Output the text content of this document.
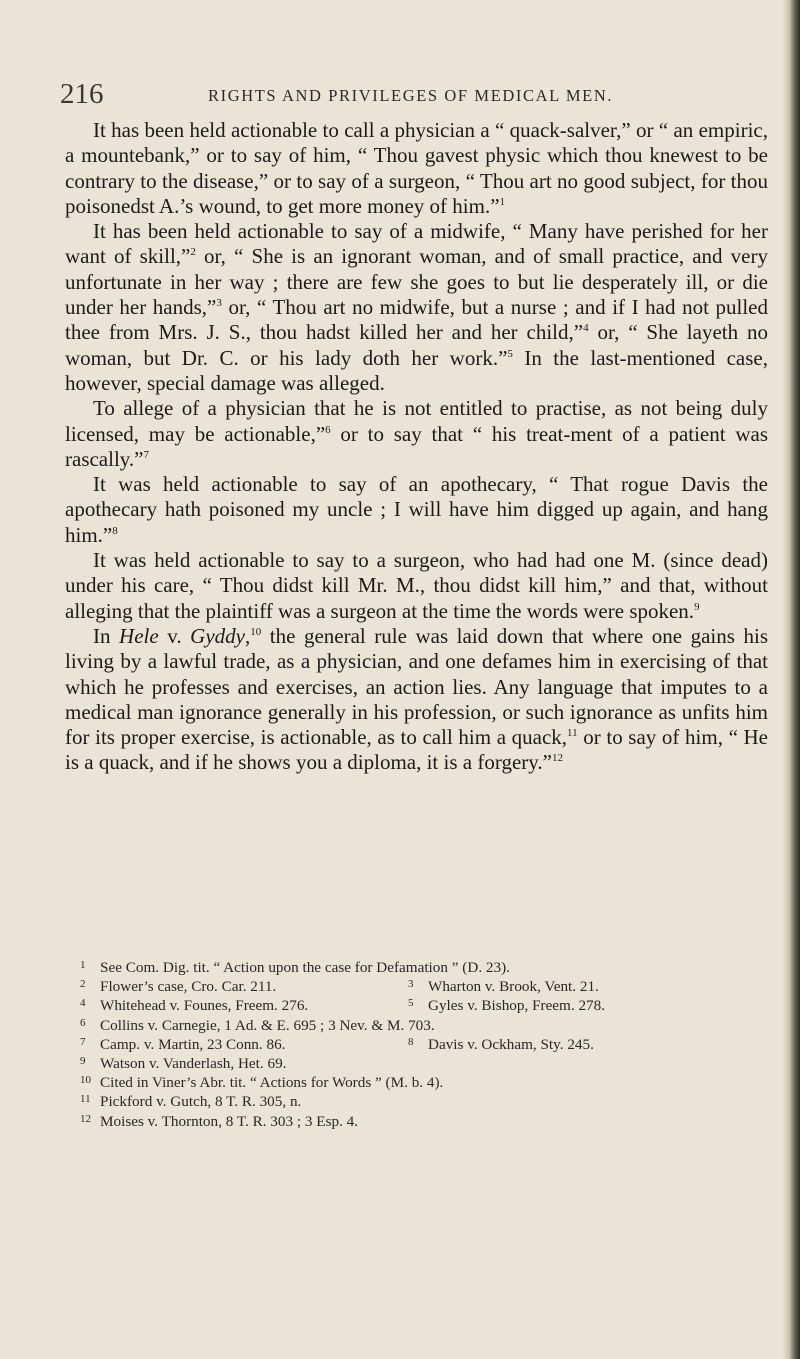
216	RIGHTS AND PRIVILEGES OF MEDICAL MEN.

It has been held actionable to call a physician a “ quack-salver,” or “ an empiric, a mountebank,” or to say of him, “ Thou gavest physic which thou knewest to be contrary to the disease,” or to say of a surgeon, “ Thou art no good subject, for thou poisonedst A.’s wound, to get more money of him.”$^1$

It has been held actionable to say of a midwife, “ Many have perished for her want of skill,”$^2$ or, “ She is an ignorant woman, and of small practice, and very unfortunate in her way ; there are few she goes to but lie desperately ill, or die under her hands,”$^3$ or, “ Thou art no midwife, but a nurse ; and if I had not pulled thee from Mrs. J. S., thou hadst killed her and her child,”$^4$ or, “ She layeth no woman, but Dr. C. or his lady doth her work.”$^5$ In the last-mentioned case, however, special damage was alleged.

To allege of a physician that he is not entitled to practise, as not being duly licensed, may be actionable,”$^6$ or to say that “ his treat-ment of a patient was rascally.”$^7$

It was held actionable to say of an apothecary, “ That rogue Davis the apothecary hath poisoned my uncle ; I will have him digged up again, and hang him.”$^8$

It was held actionable to say to a surgeon, who had had one M. (since dead) under his care, “ Thou didst kill Mr. M., thou didst kill him,” and that, without alleging that the plaintiff was a surgeon at the time the words were spoken.$^9$

In Hele v. Gyddy,$^{10}$ the general rule was laid down that where one gains his living by a lawful trade, as a physician, and one defames him in exercising of that which he professes and exercises, an action lies. Any language that imputes to a medical man ignorance generally in his profession, or such ignorance as unfits him for its proper exercise, is actionable, as to call him a quack,$^{11}$ or to say of him, “ He is a quack, and if he shows you a diploma, it is a forgery.”$^{12}$

1 See Com. Dig. tit. “ Action upon the case for Defamation ” (D. 23).
2 Flower’s case, Cro. Car. 211.	3 Wharton v. Brook, Vent. 21.
4 Whitehead v. Founes, Freem. 276.	5 Gyles v. Bishop, Freem. 278.
6 Collins v. Carnegie, 1 Ad. & E. 695 ; 3 Nev. & M. 703.
7 Camp. v. Martin, 23 Conn. 86.	8 Davis v. Ockham, Sty. 245.
9 Watson v. Vanderlash, Het. 69.
10 Cited in Viner’s Abr. tit. “ Actions for Words ” (M. b. 4).
11 Pickford v. Gutch, 8 T. R. 305, n.
12 Moises v. Thornton, 8 T. R. 303 ; 3 Esp. 4.
